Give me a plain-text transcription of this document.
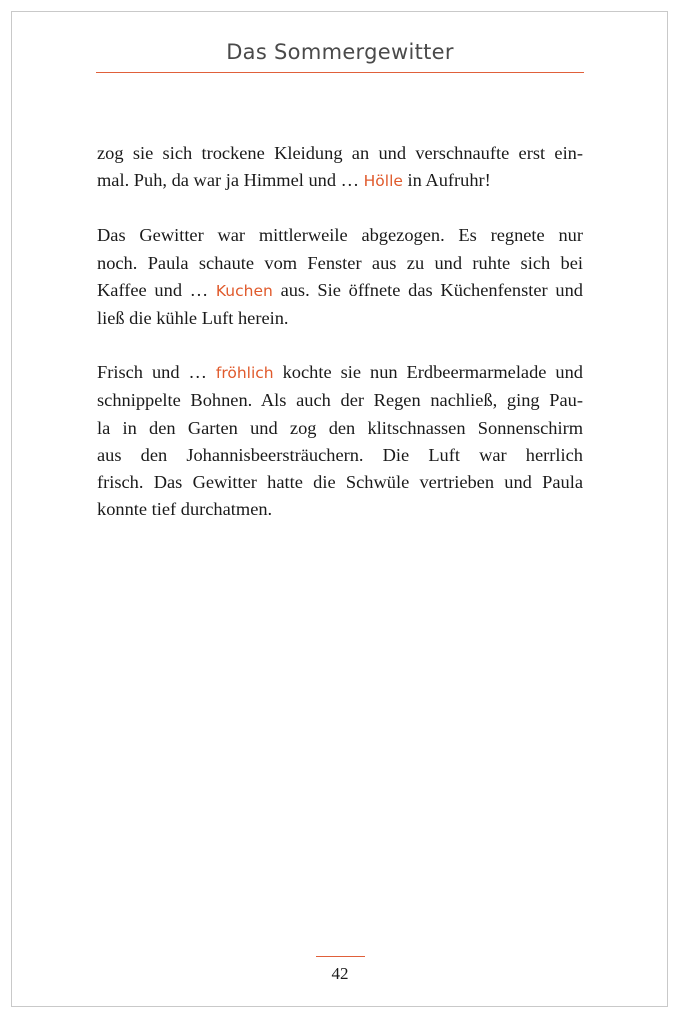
Das Sommergewitter
zog sie sich trockene Kleidung an und verschnaufte erst ein-
mal. Puh, da war ja Himmel und … Hölle in Aufruhr!
Das Gewitter war mittlerweile abgezogen. Es regnete nur
noch. Paula schaute vom Fenster aus zu und ruhte sich bei
Kaffee und … Kuchen aus. Sie öffnete das Küchenfenster und
ließ die kühle Luft herein.
Frisch und … fröhlich kochte sie nun Erdbeermarmelade und
schnippelte Bohnen. Als auch der Regen nachließ, ging Pau-
la in den Garten und zog den klitschnassen Sonnenschirm
aus den Johannisbeersträuchern. Die Luft war herrlich
frisch. Das Gewitter hatte die Schwüle vertrieben und Paula
konnte tief durchatmen.
42
